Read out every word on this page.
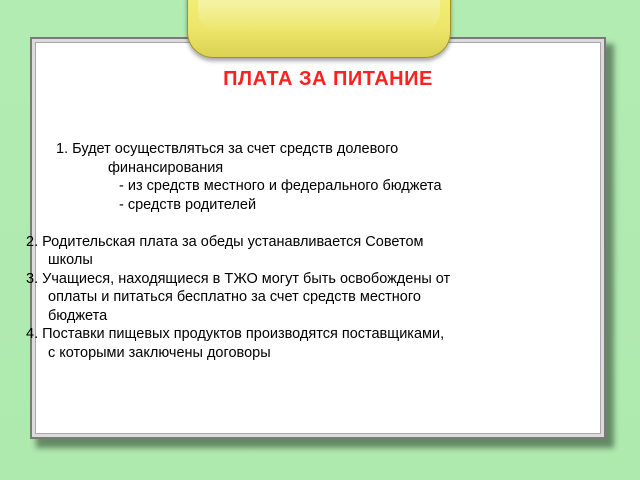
ПЛАТА ЗА ПИТАНИЕ
1. Будет осуществляться за счет средств долевого
финансирования
- из средств местного и федерального бюджета
- средств родителей
2. Родительская плата за обеды устанавливается Советом
школы
3. Учащиеся, находящиеся в ТЖО могут быть освобождены от
оплаты и питаться бесплатно за счет средств местного
бюджета
4. Поставки пищевых продуктов производятся поставщиками,
с которыми заключены договоры
